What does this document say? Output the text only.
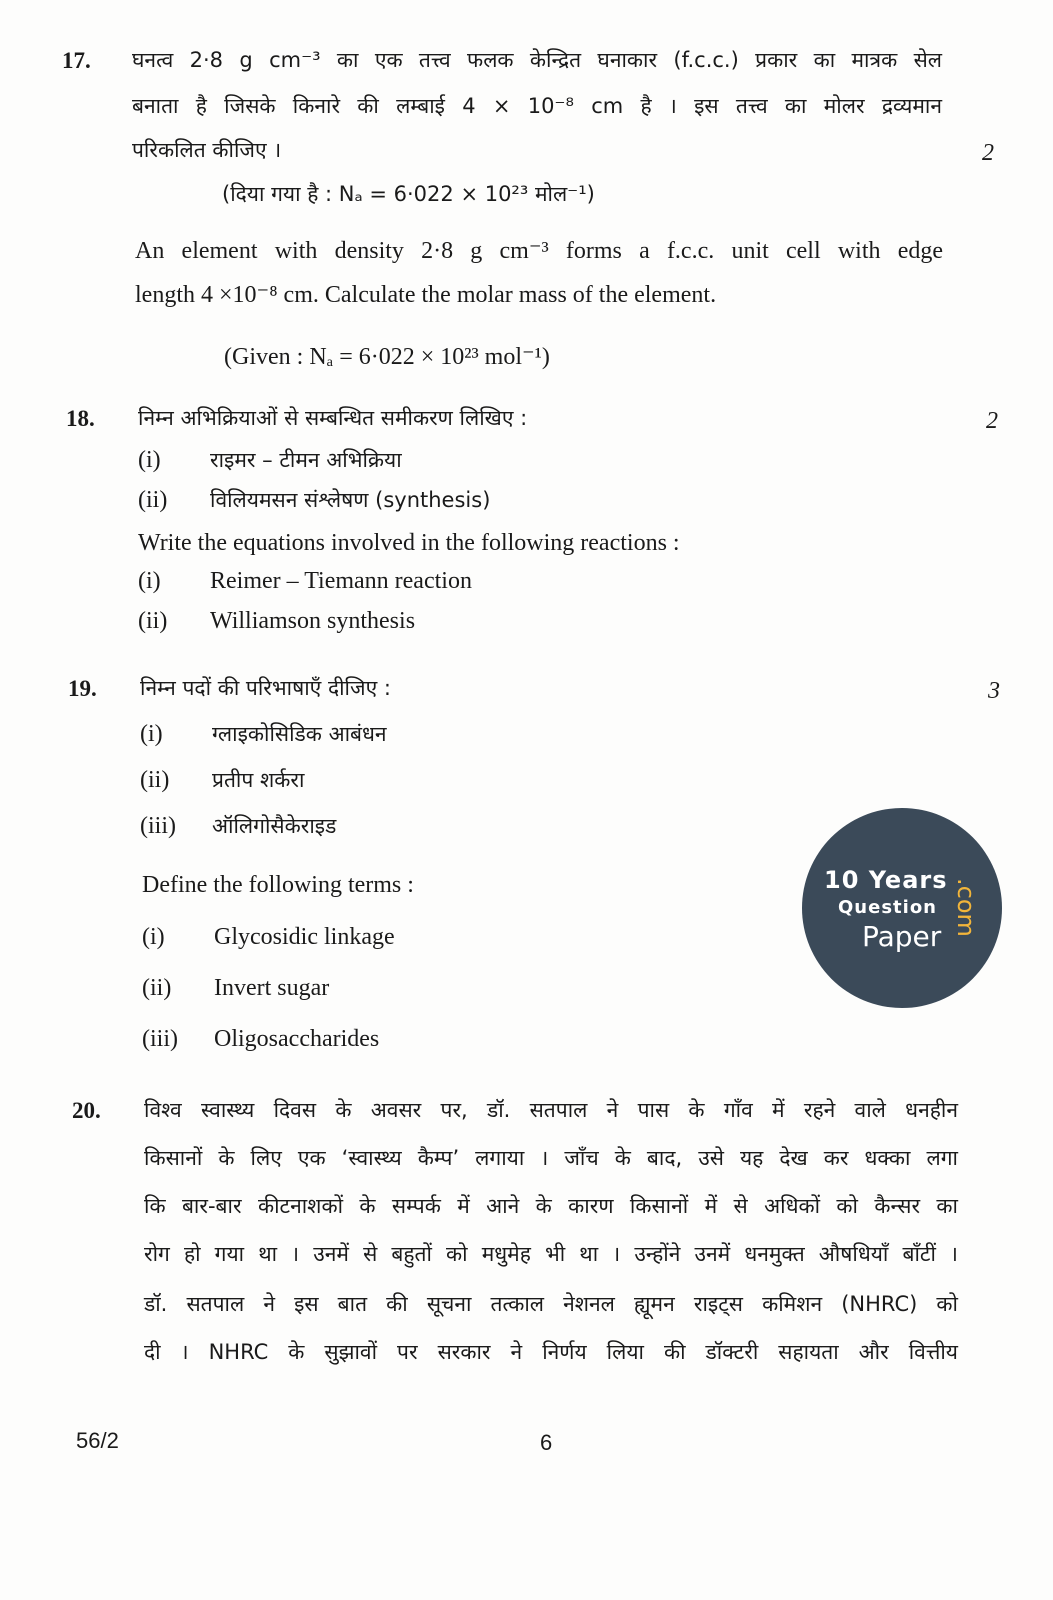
17. घनत्व 2·8 g cm⁻³ का एक तत्त्व फलक केन्द्रित घनाकार (f.c.c.) प्रकार का मात्रक सेल
बनाता है जिसके किनारे की लम्बाई 4 × 10⁻⁸ cm है । इस तत्त्व का मोलर द्रव्यमान
परिकलित कीजिए ।	2
(दिया गया है : Nₐ = 6·022 × 10²³ मोल⁻¹)
An element with density 2·8 g cm⁻³ forms a f.c.c. unit cell with edge
length 4 ×10⁻⁸ cm. Calculate the molar mass of the element.
(Given : Nₐ = 6·022 × 10²³ mol⁻¹)
18. निम्न अभिक्रियाओं से सम्बन्धित समीकरण लिखिए :	2
(i)	राइमर – टीमन अभिक्रिया
(ii)	विलियमसन संश्लेषण (synthesis)
Write the equations involved in the following reactions :
(i)	Reimer – Tiemann reaction
(ii)	Williamson synthesis
19. निम्न पदों की परिभाषाएँ दीजिए :	3
(i)	ग्लाइकोसिडिक आबंधन
(ii)	प्रतीप शर्करा
(iii)	ऑलिगोसैकेराइड
Define the following terms :
(i)	Glycosidic linkage
(ii)	Invert sugar
(iii)	Oligosaccharides
10 Years
Question
Paper .com
20. विश्व स्वास्थ्य दिवस के अवसर पर, डॉ. सतपाल ने पास के गाँव में रहने वाले धनहीन
किसानों के लिए एक ‘स्वास्थ्य कैम्प’ लगाया । जाँच के बाद, उसे यह देख कर धक्का लगा
कि बार-बार कीटनाशकों के सम्पर्क में आने के कारण किसानों में से अधिकों को कैन्सर का
रोग हो गया था । उनमें से बहुतों को मधुमेह भी था । उन्होंने उनमें धनमुक्त औषधियाँ बाँटीं ।
डॉ. सतपाल ने इस बात की सूचना तत्काल नेशनल ह्यूमन राइट्स कमिशन (NHRC) को
दी । NHRC के सुझावों पर सरकार ने निर्णय लिया की डॉक्टरी सहायता और वित्तीय
56/2	6
